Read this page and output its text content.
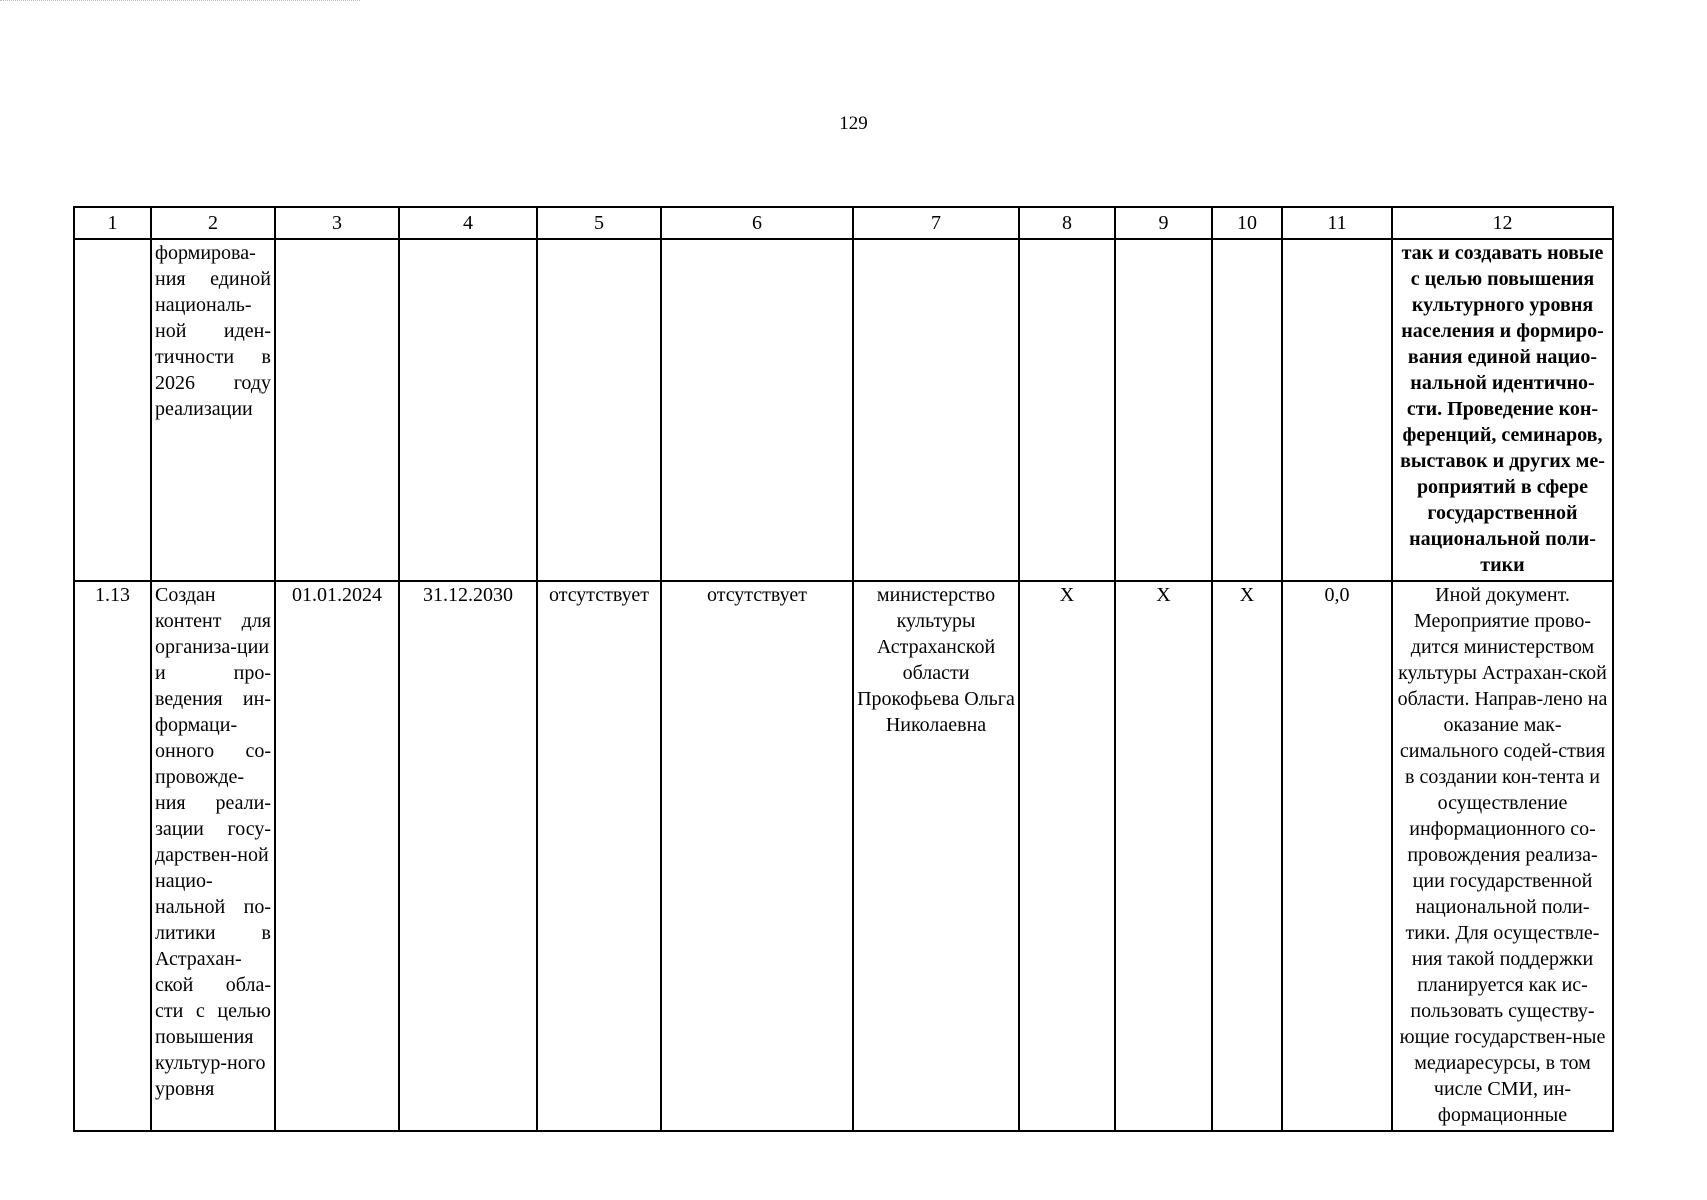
129
1	2	3	4	5	6	7	8	9	10	11	12
	формирова-ния единой националь-ной иден-тичности в 2026 году реализации										так и создавать новые с целью повышения культурного уровня населения и формиро-вания единой нацио-нальной идентичнo-сти. Проведение кон-ференций, семинаров, выставок и других ме-роприятий в сфере государственной национальной поли-тики
1.13	Создан контент для организа-ции и про-ведения ин-формаци-онного со-провожде-ния реали-зации госу-дарствен-ной нацио-нальной по-литики в Астрахан-ской обла-сти с целью повышения культур-ного уровня	01.01.2024	31.12.2030	отсутствует	отсутствует	министерство культуры Астраханской области Прокофьева Ольга Николаевна	X	X	X	0,0	Иной документ. Мероприятие прово-дится министерством культуры Астрахан-ской области. Направ-лено на оказание мак-симального содей-ствия в создании кон-тента и осуществление информационного со-провождения реализа-ции государственной национальной поли-тики. Для осуществле-ния такой поддержки планируется как ис-пользовать существу-ющие государствен-ные медиаресурсы, в том числе СМИ, ин-формационные
